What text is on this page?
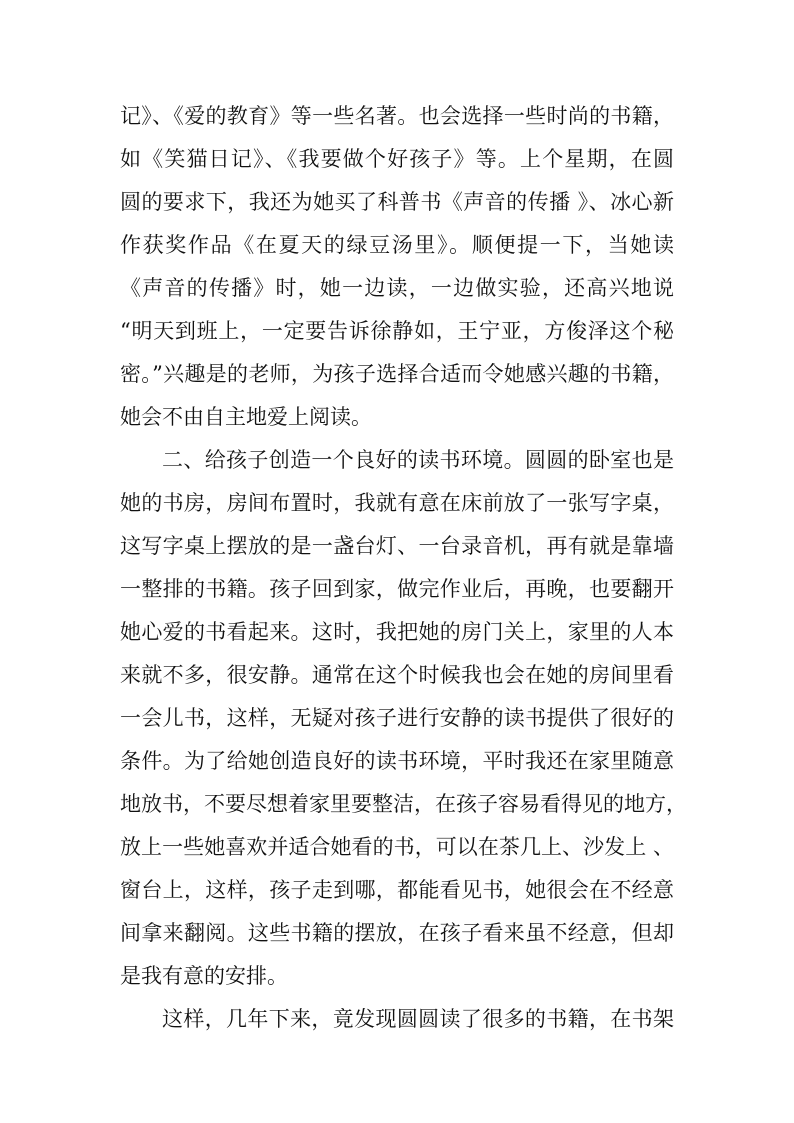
记》、《爱的教育》等一些名著。也会选择一些时尚的书籍，
如《笑猫日记》、《我要做个好孩子》等。上个星期，在圆
圆的要求下，我还为她买了科普书《声音的传播 》、冰心新
作获奖作品《在夏天的绿豆汤里》。顺便提一下，当她读
《声音的传播》时，她一边读，一边做实验，还高兴地说
“明天到班上，一定要告诉徐静如，王宁亚，方俊泽这个秘
密。”兴趣是的老师，为孩子选择合适而令她感兴趣的书籍，
她会不由自主地爱上阅读。
二、给孩子创造一个良好的读书环境。圆圆的卧室也是
她的书房，房间布置时，我就有意在床前放了一张写字桌，
这写字桌上摆放的是一盏台灯、一台录音机，再有就是靠墙
一整排的书籍。孩子回到家，做完作业后，再晚，也要翻开
她心爱的书看起来。这时，我把她的房门关上，家里的人本
来就不多，很安静。通常在这个时候我也会在她的房间里看
一会儿书，这样，无疑对孩子进行安静的读书提供了很好的
条件。为了给她创造良好的读书环境，平时我还在家里随意
地放书，不要尽想着家里要整洁，在孩子容易看得见的地方，
放上一些她喜欢并适合她看的书，可以在茶几上、沙发上 、
窗台上，这样，孩子走到哪，都能看见书，她很会在不经意
间拿来翻阅。这些书籍的摆放，在孩子看来虽不经意，但却
是我有意的安排。
这样，几年下来，竟发现圆圆读了很多的书籍，在书架
